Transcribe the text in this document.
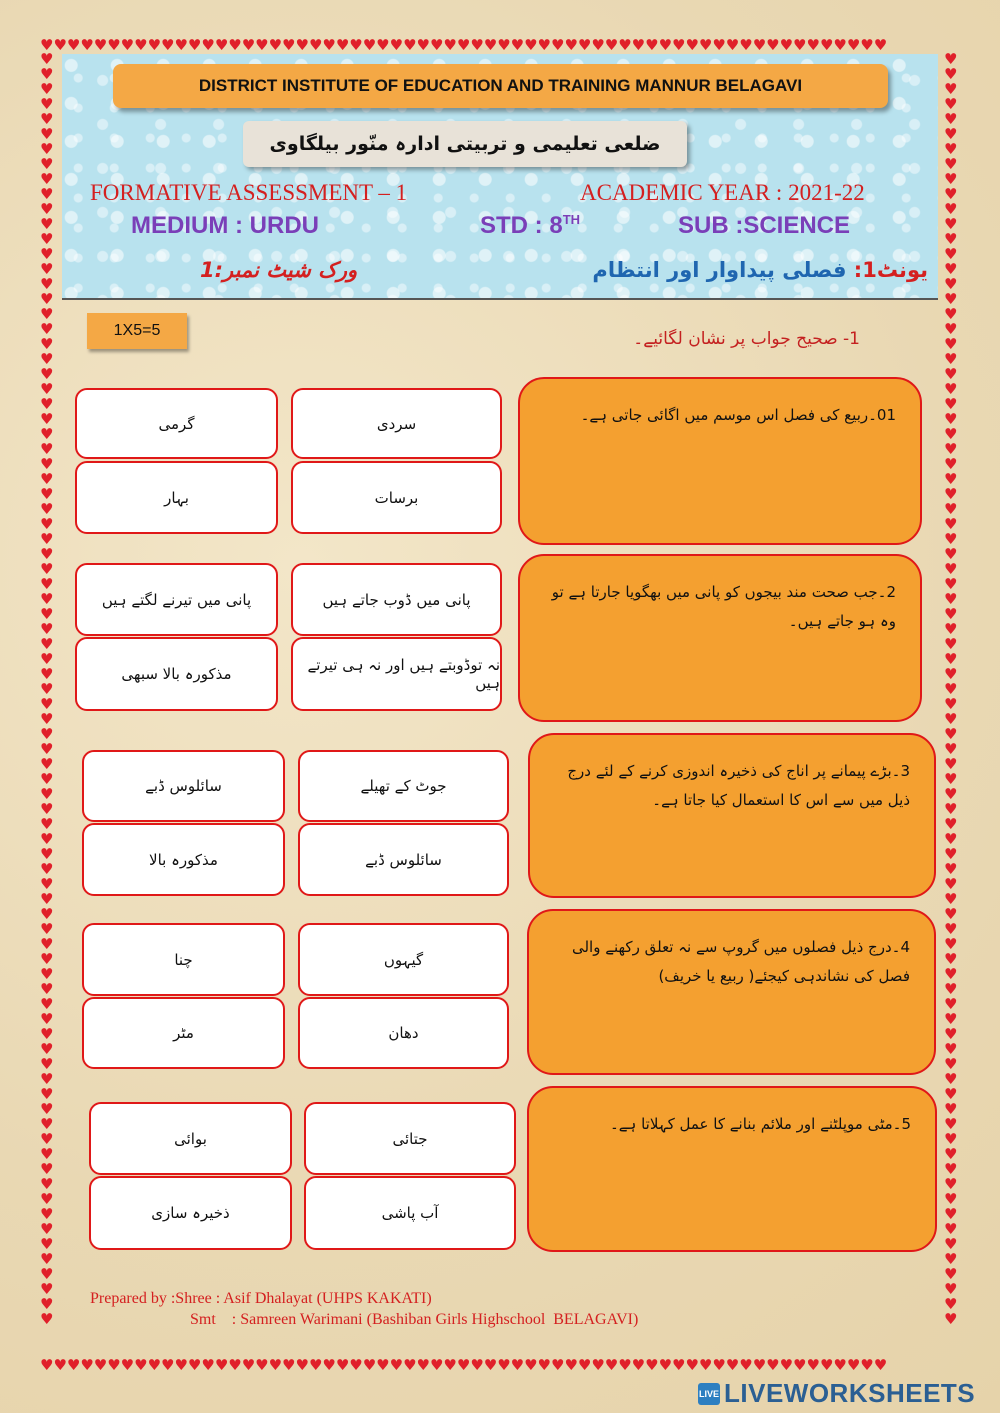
♥♥♥♥♥♥♥♥♥♥♥♥♥♥♥♥♥♥♥♥♥♥♥♥♥♥♥♥♥♥♥♥♥♥♥♥♥♥♥♥♥♥♥♥♥♥♥♥♥♥♥♥♥♥♥♥♥♥♥♥♥♥♥
♥♥♥♥♥♥♥♥♥♥♥♥♥♥♥♥♥♥♥♥♥♥♥♥♥♥♥♥♥♥♥♥♥♥♥♥♥♥♥♥♥♥♥♥♥♥♥♥♥♥♥♥♥♥♥♥♥♥♥♥♥♥♥
♥♥♥♥♥♥♥♥♥♥♥♥♥♥♥♥♥♥♥♥♥♥♥♥♥♥♥♥♥♥♥♥♥♥♥♥♥♥♥♥♥♥♥♥♥♥♥♥♥♥♥♥♥♥♥♥♥♥♥♥♥♥♥♥♥♥♥♥♥♥♥♥♥♥♥♥♥♥♥♥♥♥♥♥♥
♥♥♥♥♥♥♥♥♥♥♥♥♥♥♥♥♥♥♥♥♥♥♥♥♥♥♥♥♥♥♥♥♥♥♥♥♥♥♥♥♥♥♥♥♥♥♥♥♥♥♥♥♥♥♥♥♥♥♥♥♥♥♥♥♥♥♥♥♥♥♥♥♥♥♥♥♥♥♥♥♥♥♥♥♥
DISTRICT INSTITUTE OF EDUCATION AND TRAINING MANNUR BELAGAVI
ضلعی تعلیمی و تربیتی ادارہ منّور بیلگاوی
FORMATIVE ASSESSMENT – 1	ACADEMIC YEAR : 2021-22
MEDIUM : URDU	STD : 8TH	SUB :SCIENCE
یونٹ1: فصلی پیداوار اور انتظام
ورک شیٹ نمبر:1
1X5=5	1- صحیح جواب پر نشان لگائیے۔
01۔ربیع کی فصل اس موسم میں اگائی جاتی ہے۔
سردی
گرمی
برسات
بہار
2۔جب صحت مند بیجوں کو پانی میں بھگویا جارتا ہے تو وہ ہو جاتے ہیں۔
پانی میں ڈوب جاتے ہیں
پانی میں تیرنے لگتے ہیں
نہ توڈوبتے ہیں اور نہ ہی تیرتے ہیں
مذکورہ بالا سبھی
3۔بڑے پیمانے پر اناج کی ذخیرہ اندوزی کرنے کے لئے درج ذیل میں سے اس کا استعمال کیا جاتا ہے۔
جوٹ کے تھیلے
سائلوس ڈبے
سائلوس ڈبے
مذکورہ بالا
4۔درج ذیل فصلوں میں گروپ سے نہ تعلق رکھنے والی فصل کی نشاندہی کیجئے( ربیع یا خریف)
گیہوں
چنا
دھان
مٹر
5۔مٹی موپلٹنے اور ملائم بنانے کا عمل کہلاتا ہے۔
جتائی
بوائی
آب پاشی
ذخیرہ سازی
Prepared by :Shree : Asif Dhalayat (UHPS KAKATI)
Smt    : Samreen Warimani (Bashiban Girls Highschool  BELAGAVI)
LIVE LIVEWORKSHEETS
